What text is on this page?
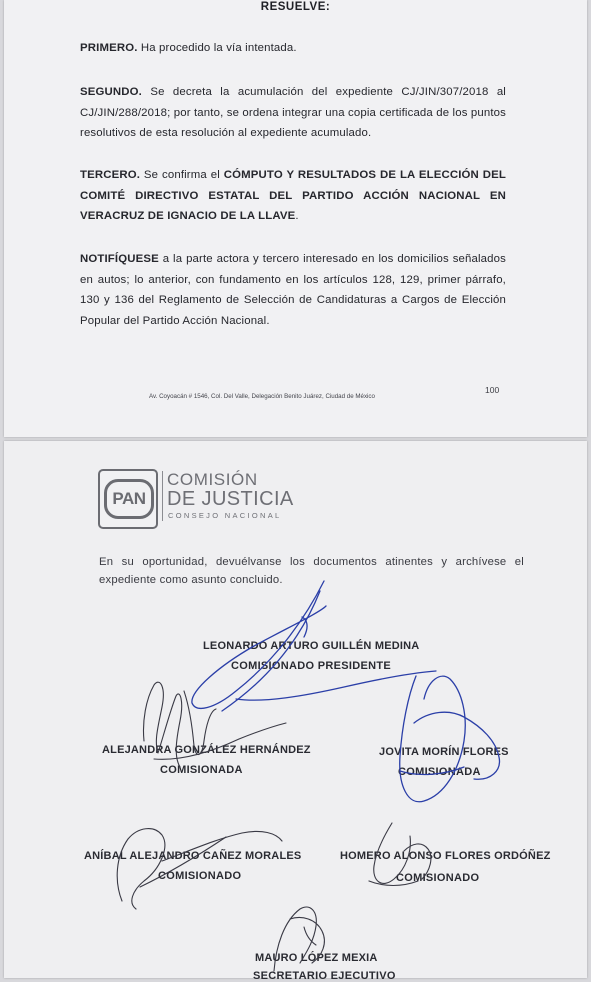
RESUELVE:
PRIMERO. Ha procedido la vía intentada.
SEGUNDO. Se decreta la acumulación del expediente CJ/JIN/307/2018 al CJ/JIN/288/2018; por tanto, se ordena integrar una copia certificada de los puntos resolutivos de esta resolución al expediente acumulado.
TERCERO. Se confirma el CÓMPUTO Y RESULTADOS DE LA ELECCIÓN DEL COMITÉ DIRECTIVO ESTATAL DEL PARTIDO ACCIÓN NACIONAL EN VERACRUZ DE IGNACIO DE LA LLAVE.
NOTIFÍQUESE a la parte actora y tercero interesado en los domicilios señalados en autos; lo anterior, con fundamento en los artículos 128, 129, primer párrafo, 130 y 136 del Reglamento de Selección de Candidaturas a Cargos de Elección Popular del Partido Acción Nacional.
100
Av. Coyoacán # 1546, Col. Del Valle, Delegación Benito Juárez, Ciudad de México
PAN
COMISIÓN
DE JUSTICIA
CONSEJO NACIONAL
En su oportunidad, devuélvanse los documentos atinentes y archívese el expediente como asunto concluido.
LEONARDO ARTURO GUILLÉN MEDINA
COMISIONADO PRESIDENTE
ALEJANDRA GONZÁLEZ HERNÁNDEZ
COMISIONADA
JOVITA MORÍN FLORES
COMISIONADA
ANÍBAL ALEJANDRO CAÑEZ MORALES
COMISIONADO
HOMERO ALONSO FLORES ORDÓÑEZ
COMISIONADO
MAURO LÓPEZ MEXIA
SECRETARIO EJECUTIVO
